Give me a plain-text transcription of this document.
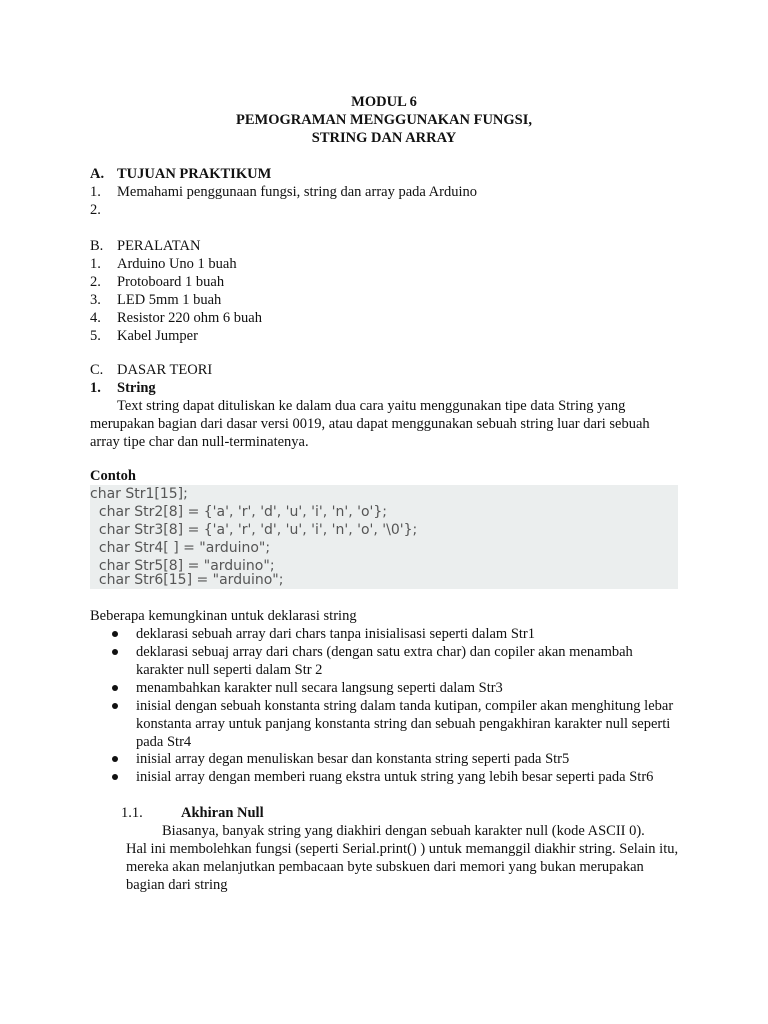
MODUL 6
PEMOGRAMAN MENGGUNAKAN FUNGSI,
STRING DAN ARRAY
A. TUJUAN PRAKTIKUM
1. Memahami penggunaan fungsi, string dan array pada Arduino
2.
B. PERALATAN
1. Arduino Uno 1 buah
2. Protoboard 1 buah
3. LED 5mm 1 buah
4. Resistor 220 ohm 6 buah
5. Kabel Jumper
C. DASAR TEORI
1. String
Text string dapat dituliskan ke dalam dua cara yaitu menggunakan tipe data String yang merupakan bagian dari dasar versi 0019, atau dapat menggunakan sebuah string luar dari sebuah array tipe char dan null-terminatenya.
Contoh
char Str1[15];
char Str2[8] = {'a', 'r', 'd', 'u', 'i', 'n', 'o'};
char Str3[8] = {'a', 'r', 'd', 'u', 'i', 'n', 'o', '\0'};
char Str4[ ] = "arduino";
char Str5[8] = "arduino";
char Str6[15] = "arduino";
Beberapa kemungkinan untuk deklarasi string
deklarasi sebuah array dari chars tanpa inisialisasi seperti dalam Str1
deklarasi sebuaj array dari chars (dengan satu extra char) dan copiler akan menambah karakter null seperti dalam Str 2
menambahkan karakter null secara langsung seperti dalam Str3
inisial dengan sebuah konstanta string dalam tanda kutipan, compiler akan menghitung lebar konstanta array untuk panjang konstanta string dan sebuah pengakhiran karakter null seperti pada Str4
inisial array degan menuliskan besar dan konstanta string seperti pada Str5
inisial array dengan memberi ruang ekstra untuk string yang lebih besar seperti pada Str6
1.1.	Akhiran Null
Biasanya, banyak string yang diakhiri dengan sebuah karakter null (kode ASCII 0).
Hal ini membolehkan fungsi (seperti Serial.print() ) untuk memanggil diakhir string. Selain itu, mereka akan melanjutkan pembacaan byte subskuen dari memori yang bukan merupakan bagian dari string
